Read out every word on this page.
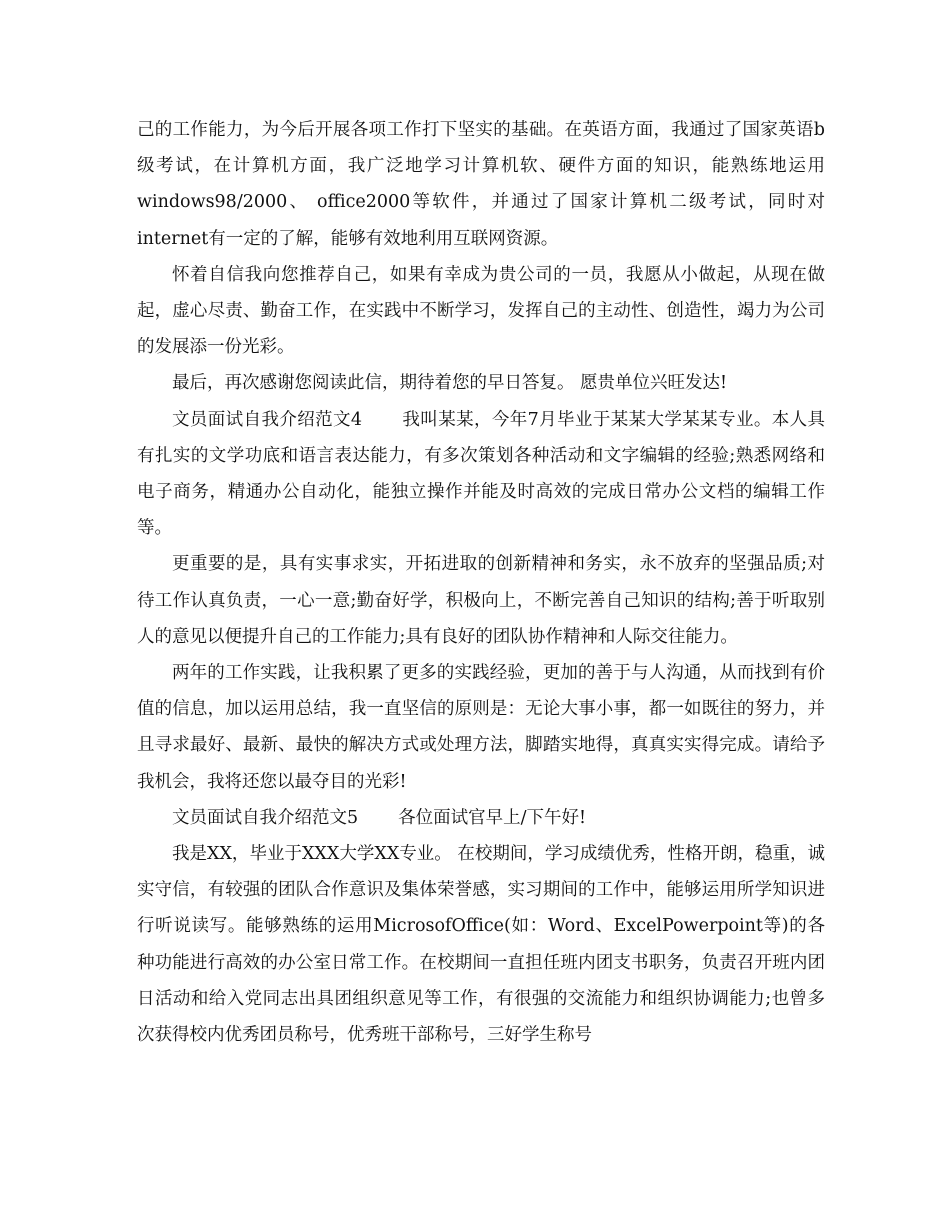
己的工作能力，为今后开展各项工作打下坚实的基础。在英语方面，我通过了国家英语b级考试，在计算机方面，我广泛地学习计算机软、硬件方面的知识，能熟练地运用 windows98/2000、 office2000等软件，并通过了国家计算机二级考试，同时对internet有一定的了解，能够有效地利用互联网资源。

怀着自信我向您推荐自己，如果有幸成为贵公司的一员，我愿从小做起，从现在做起，虚心尽责、勤奋工作，在实践中不断学习，发挥自己的主动性、创造性，竭力为公司的发展添一份光彩。

最后，再次感谢您阅读此信，期待着您的早日答复。 愿贵单位兴旺发达!

文员面试自我介绍范文4 我叫某某，今年7月毕业于某某大学某某专业。本人具有扎实的文学功底和语言表达能力，有多次策划各种活动和文字编辑的经验;熟悉网络和电子商务，精通办公自动化，能独立操作并能及时高效的完成日常办公文档的编辑工作等。

更重要的是，具有实事求实，开拓进取的创新精神和务实，永不放弃的坚强品质;对待工作认真负责，一心一意;勤奋好学，积极向上，不断完善自己知识的结构;善于听取别人的意见以便提升自己的工作能力;具有良好的团队协作精神和人际交往能力。

两年的工作实践，让我积累了更多的实践经验，更加的善于与人沟通，从而找到有价值的信息，加以运用总结，我一直坚信的原则是：无论大事小事，都一如既往的努力，并且寻求最好、最新、最快的解决方式或处理方法，脚踏实地得，真真实实得完成。请给予我机会，我将还您以最夺目的光彩!

文员面试自我介绍范文5 各位面试官早上/下午好!

我是XX，毕业于XXX大学XX专业。 在校期间，学习成绩优秀，性格开朗，稳重，诚实守信，有较强的团队合作意识及集体荣誉感，实习期间的工作中，能够运用所学知识进行听说读写。能够熟练的运用MicrosofOffice(如：Word、ExcelPowerpoint等)的各种功能进行高效的办公室日常工作。在校期间一直担任班内团支书职务，负责召开班内团日活动和给入党同志出具团组织意见等工作，有很强的交流能力和组织协调能力;也曾多次获得校内优秀团员称号，优秀班干部称号，三好学生称号
